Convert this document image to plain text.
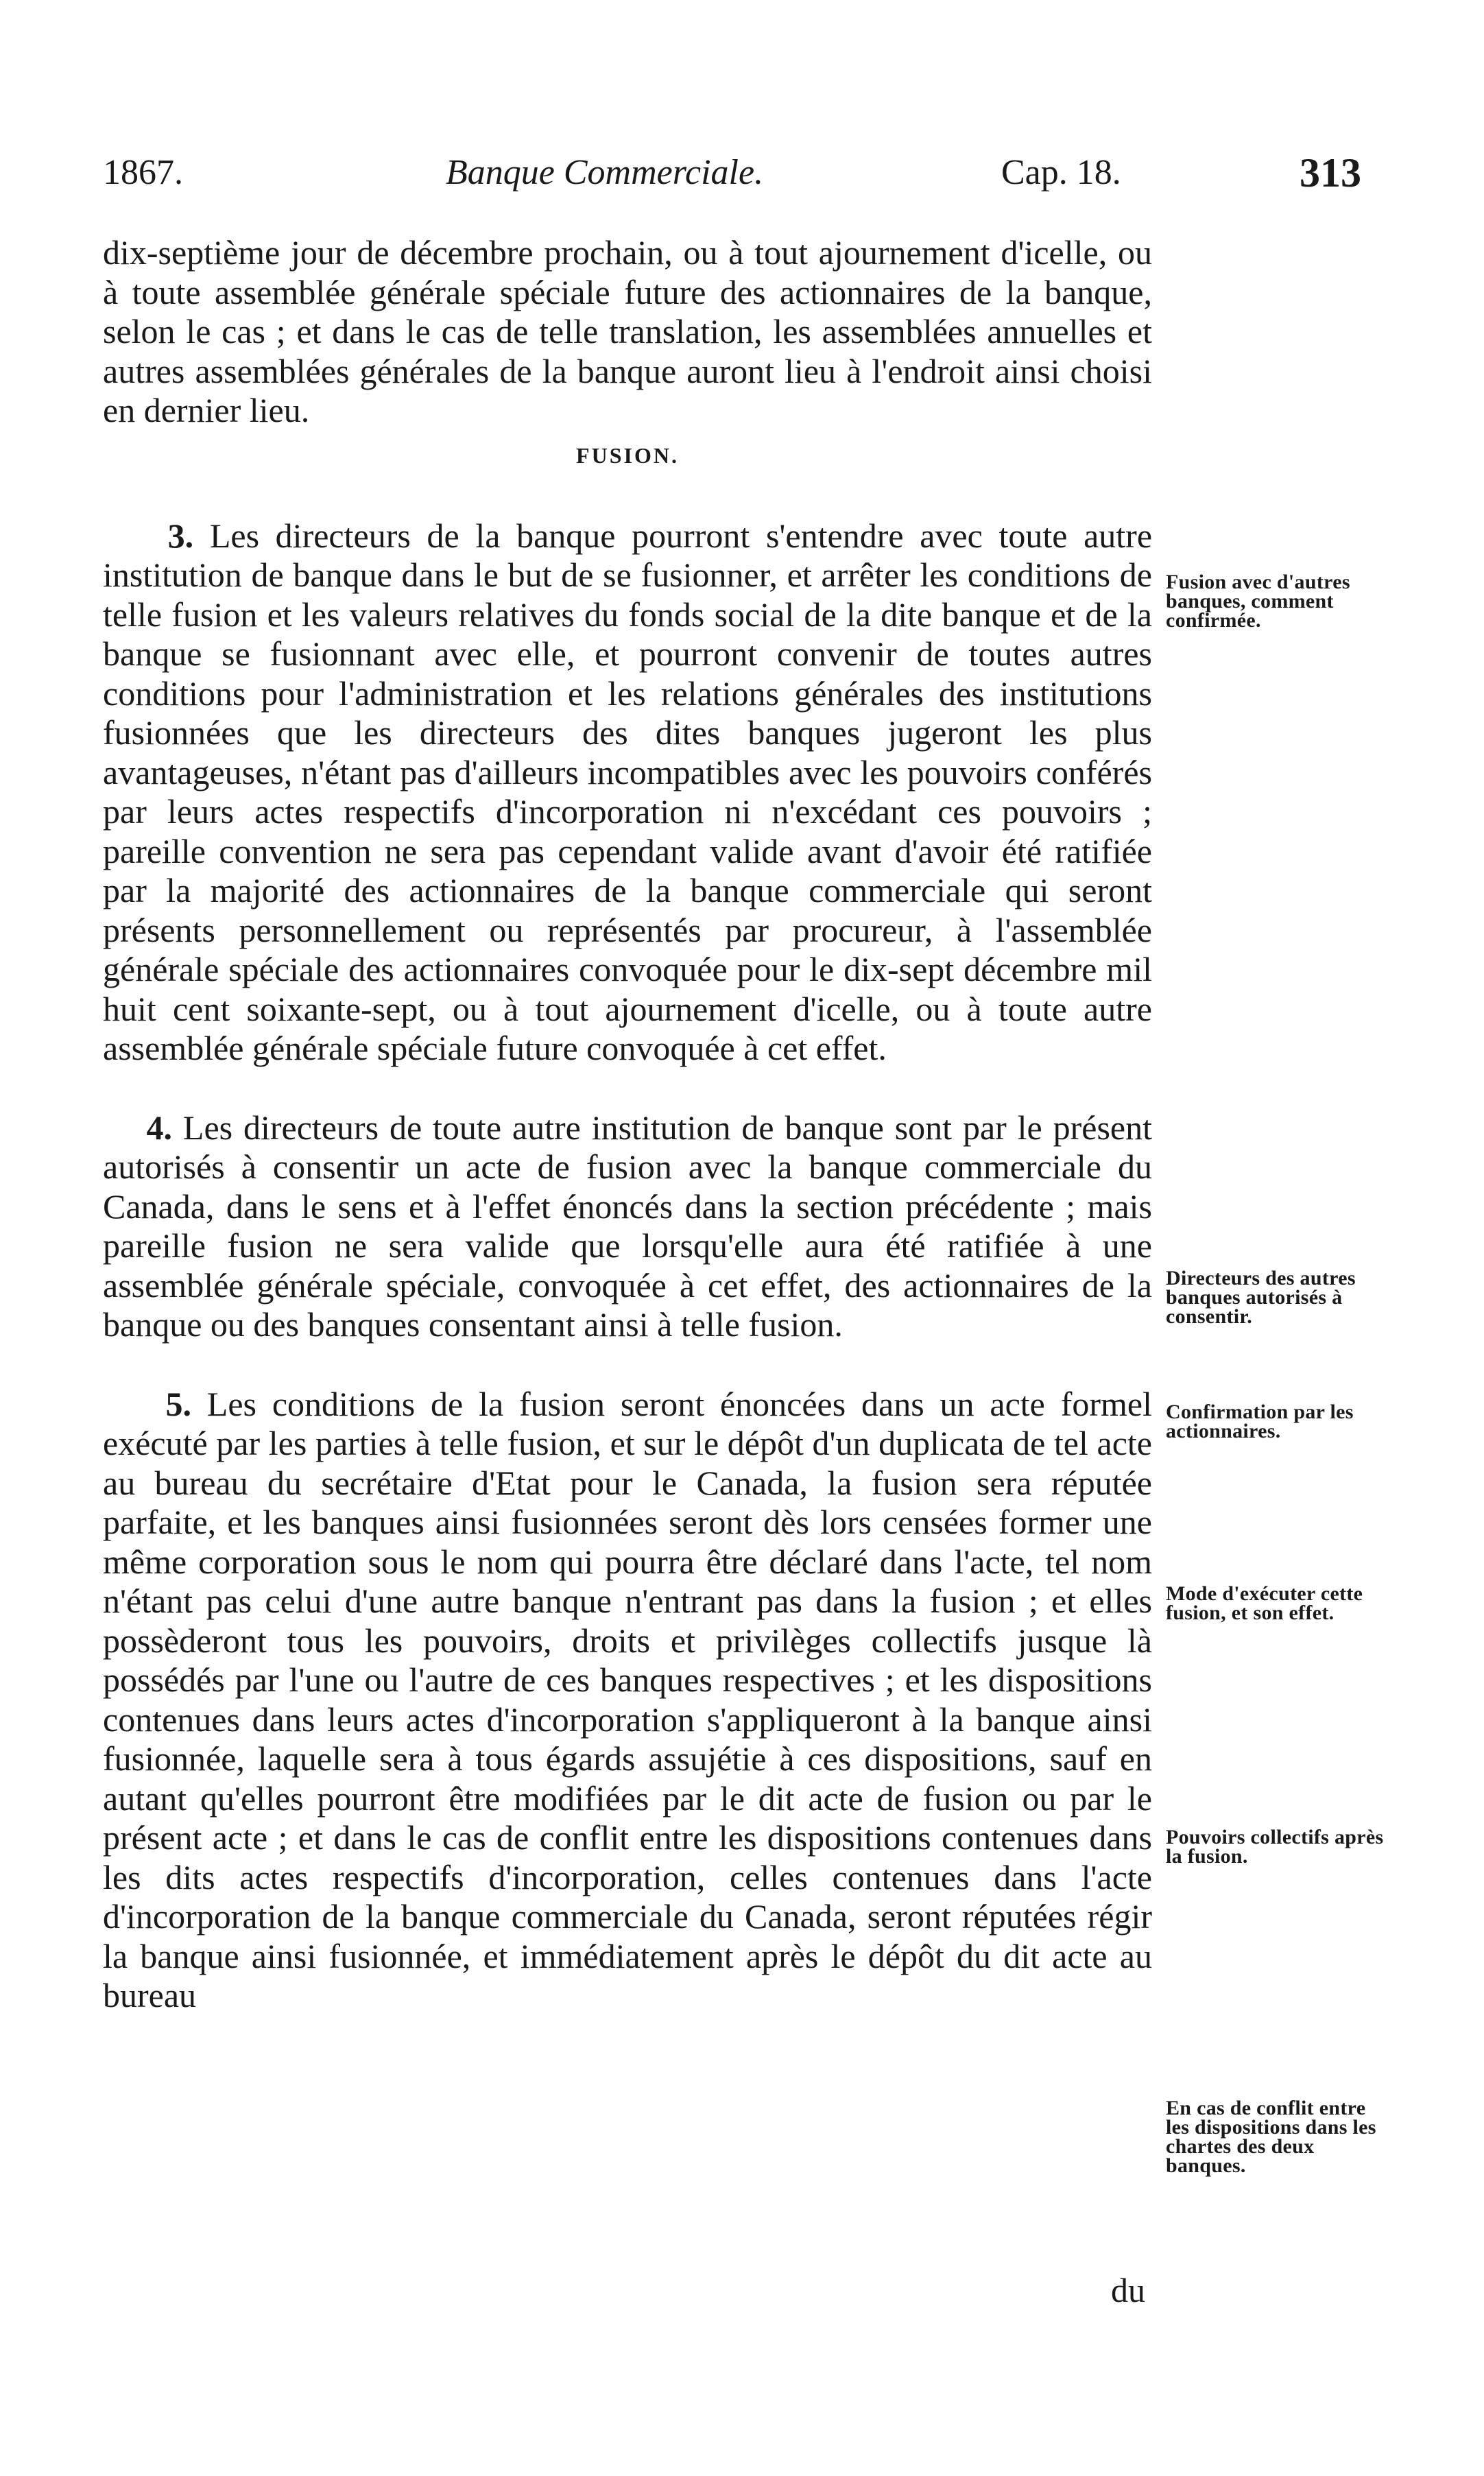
1867.	Banque Commerciale.	Cap. 18.	313

dix-septième jour de décembre prochain, ou à tout ajournement d'icelle, ou à toute assemblée générale spéciale future des actionnaires de la banque, selon le cas ; et dans le cas de telle translation, les assemblées annuelles et autres assemblées générales de la banque auront lieu à l'endroit ainsi choisi en dernier lieu.

FUSION.

3. Les directeurs de la banque pourront s'entendre avec toute autre institution de banque dans le but de se fusionner, et arrêter les conditions de telle fusion et les valeurs relatives du fonds social de la dite banque et de la banque se fusionnant avec elle, et pourront convenir de toutes autres conditions pour l'administration et les relations générales des institutions fusionnées que les directeurs des dites banques jugeront les plus avantageuses, n'étant pas d'ailleurs incompatibles avec les pouvoirs conférés par leurs actes respectifs d'incorporation ni n'excédant ces pouvoirs ; pareille convention ne sera pas cependant valide avant d'avoir été ratifiée par la majorité des actionnaires de la banque commerciale qui seront présents personnellement ou représentés par procureur, à l'assemblée générale spéciale des actionnaires convoquée pour le dix-sept décembre mil huit cent soixante-sept, ou à tout ajournement d'icelle, ou à toute autre assemblée générale spéciale future convoquée à cet effet.

4. Les directeurs de toute autre institution de banque sont par le présent autorisés à consentir un acte de fusion avec la banque commerciale du Canada, dans le sens et à l'effet énoncés dans la section précédente ; mais pareille fusion ne sera valide que lorsqu'elle aura été ratifiée à une assemblée générale spéciale, convoquée à cet effet, des actionnaires de la banque ou des banques consentant ainsi à telle fusion.

5. Les conditions de la fusion seront énoncées dans un acte formel exécuté par les parties à telle fusion, et sur le dépôt d'un duplicata de tel acte au bureau du secrétaire d'Etat pour le Canada, la fusion sera réputée parfaite, et les banques ainsi fusionnées seront dès lors censées former une même corporation sous le nom qui pourra être déclaré dans l'acte, tel nom n'étant pas celui d'une autre banque n'entrant pas dans la fusion ; et elles possèderont tous les pouvoirs, droits et privilèges collectifs jusque là possédés par l'une ou l'autre de ces banques respectives ; et les dispositions contenues dans leurs actes d'incorporation s'appliqueront à la banque ainsi fusionnée, laquelle sera à tous égards assujétie à ces dispositions, sauf en autant qu'elles pourront être modifiées par le dit acte de fusion ou par le présent acte ; et dans le cas de conflit entre les dispositions contenues dans les dits actes respectifs d'incorporation, celles contenues dans l'acte d'incorporation de la banque commerciale du Canada, seront réputées régir la banque ainsi fusionnée, et immédiatement après le dépôt du dit acte au bureau

Fusion avec d'autres banques, comment confirmée.
Directeurs des autres banques autorisés à consentir.
Confirmation par les actionnaires.
Mode d'exécuter cette fusion, et son effet.
Pouvoirs collectifs après la fusion.
En cas de conflit entre les dispositions dans les chartes des deux banques.
du
